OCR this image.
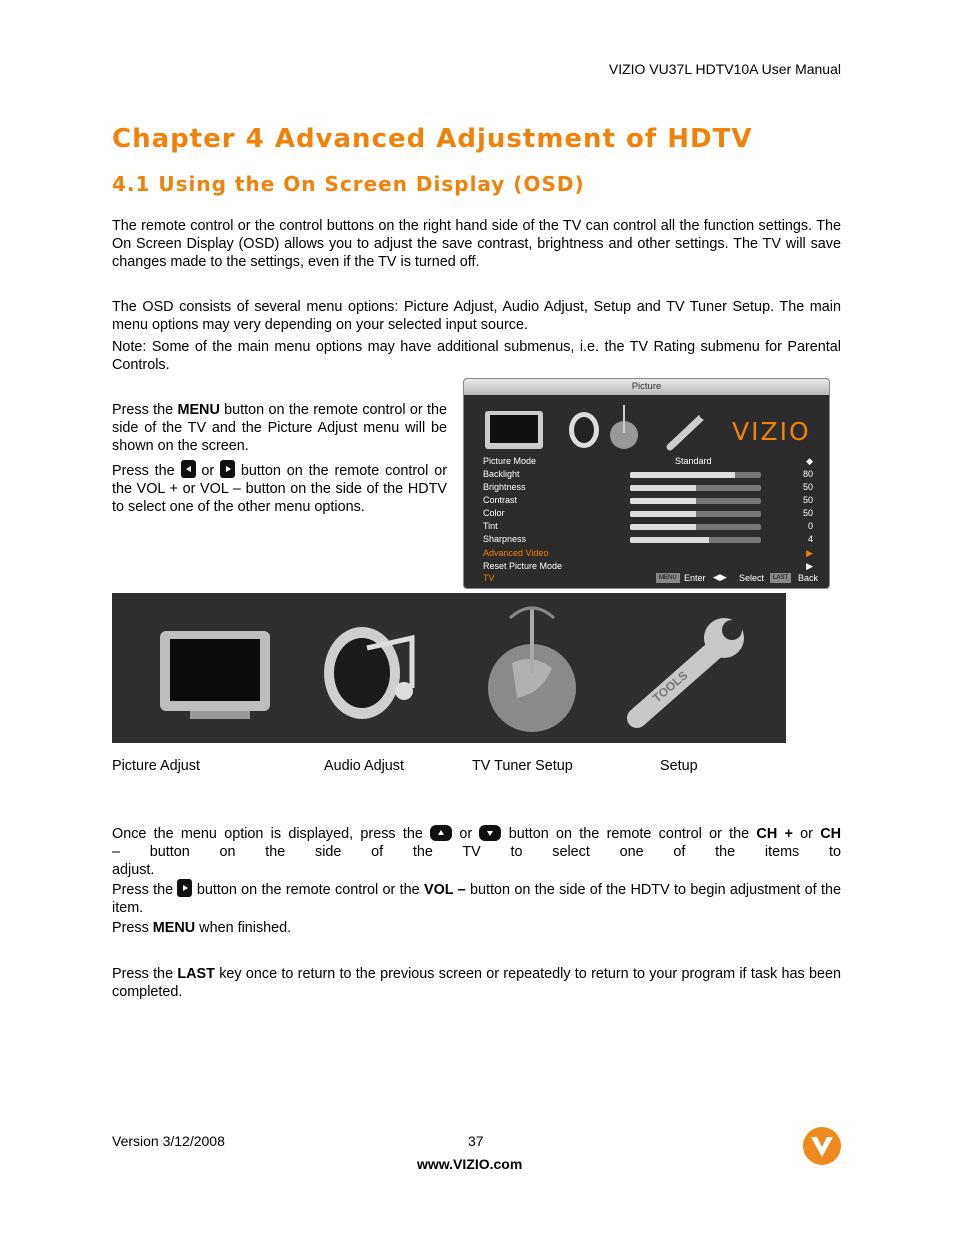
VIZIO VU37L HDTV10A User Manual
Chapter 4 Advanced Adjustment of HDTV
4.1 Using the On Screen Display (OSD)
The remote control or the control buttons on the right hand side of the TV can control all the function settings. The On Screen Display (OSD) allows you to adjust the save contrast, brightness and other settings. The TV will save changes made to the settings, even if the TV is turned off.
The OSD consists of several menu options: Picture Adjust, Audio Adjust, Setup and TV Tuner Setup. The main menu options may very depending on your selected input source.
Note: Some of the main menu options may have additional submenus, i.e. the TV Rating submenu for Parental Controls.
Press the MENU button on the remote control or the side of the TV and the Picture Adjust menu will be shown on the screen.
Press the  or  button on the remote control or the VOL + or VOL – button on the side of the HDTV to select one of the other menu options.
Picture
VIZIO
Picture Mode	Standard	◆
Backlight	80
Brightness	50
Contrast	50
Color	50
Tint	0
Sharpness	4
Advanced Video	▶
Reset Picture Mode	▶
TV	MENU Enter ◀▶ Select	LAST	Back
TOOLS
Picture Adjust	Audio Adjust	TV Tuner Setup	Setup
Once the menu option is displayed, press the  or  button on the remote control or the CH + or CH
– button on the side of the TV to select one of the items to adjust.
Press the  button on the remote control or the VOL – button on the side of the HDTV to begin adjustment of the item.
Press MENU when finished.
Press the LAST key once to return to the previous screen or repeatedly to return to your program if task has been completed.
Version 3/12/2008	37
www.VIZIO.com
